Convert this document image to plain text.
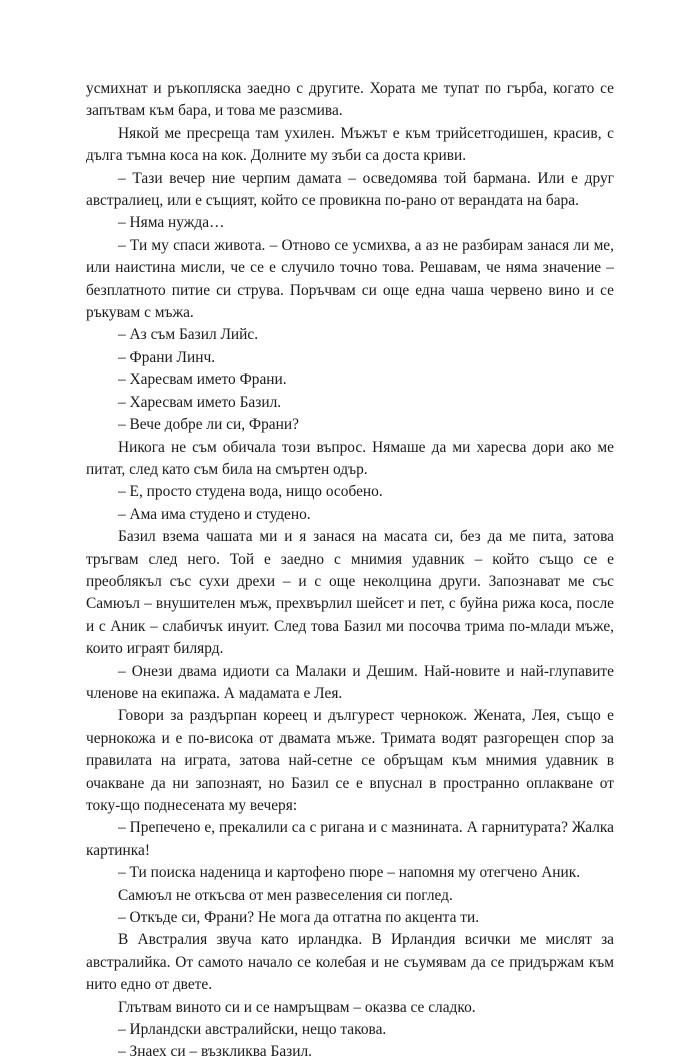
усмихнат и ръкопляска заедно с другите. Хората ме тупат по гърба, когато се запътвам към бара, и това ме разсмива.

Някой ме пресреща там ухилен. Мъжът е към трийсетгодишен, красив, с дълга тъмна коса на кок. Долните му зъби са доста криви.

– Тази вечер ние черпим дамата – осведомява той бармана. Или е друг австралиец, или е същият, който се провикна по-рано от верандата на бара.

– Няма нужда…

– Ти му спаси живота. – Отново се усмихва, а аз не разбирам занася ли ме, или наистина мисли, че се е случило точно това. Решавам, че няма значение – безплатното питие си струва. Поръчвам си още една чаша червено вино и се ръкувам с мъжа.

– Аз съм Базил Лийс.

– Франи Линч.

– Харесвам името Франи.

– Харесвам името Базил.

– Вече добре ли си, Франи?

Никога не съм обичала този въпрос. Нямаше да ми харесва дори ако ме питат, след като съм била на смъртен одър.

– Е, просто студена вода, нищо особено.

– Ама има студено и студено.

Базил взема чашата ми и я занася на масата си, без да ме пита, затова тръгвам след него. Той е заедно с мнимия удавник – който също се е преоблякъл със сухи дрехи – и с още неколцина други. Запознават ме със Самюъл – внушителен мъж, прехвърлил шейсет и пет, с буйна рижа коса, после и с Аник – слабичък инуит. След това Базил ми посочва трима по-млади мъже, които играят билярд.

– Онези двама идиоти са Малаки и Дешим. Най-новите и най-глупавите членове на екипажа. А мадамата е Лея.

Говори за раздърпан кореец и дългурест чернокож. Жената, Лея, също е чернокожа и е по-висока от двамата мъже. Тримата водят разгорещен спор за правилата на играта, затова най-сетне се обръщам към мнимия удавник в очакване да ни запознаят, но Базил се е впуснал в пространно оплакване от току-що поднесената му вечеря:

– Препечено е, прекалили са с ригана и с мазнината. А гарнитурата? Жалка картинка!

– Ти поиска наденица и картофено пюре – напомня му отегчено Аник.

Самюъл не откъсва от мен развеселения си поглед.

– Откъде си, Франи? Не мога да отгатна по акцента ти.

В Австралия звуча като ирландка. В Ирландия всички ме мислят за австралийка. От самото начало се колебая и не съумявам да се придържам към нито едно от двете.

Глътвам виното си и се намръщвам – оказва се сладко.

– Ирландски австралийски, нещо такова.

– Знаех си – възкликва Базил.
